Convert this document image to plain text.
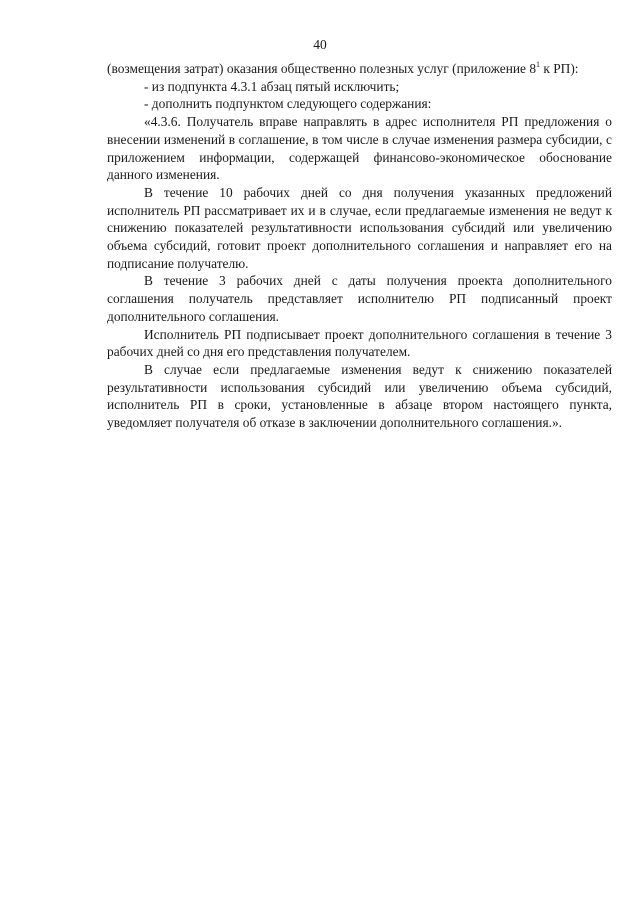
40

(возмещения затрат) оказания общественно полезных услуг (приложение $8^1$ к РП):

- из подпункта 4.3.1 абзац пятый исключить;

- дополнить подпунктом следующего содержания:

«4.3.6. Получатель вправе направлять в адрес исполнителя РП предложения о внесении изменений в соглашение, в том числе в случае изменения размера субсидии, с приложением информации, содержащей финансово-экономическое обоснование данного изменения.

В течение 10 рабочих дней со дня получения указанных предложений исполнитель РП рассматривает их и в случае, если предлагаемые изменения не ведут к снижению показателей результативности использования субсидий или увеличению объема субсидий, готовит проект дополнительного соглашения и направляет его на подписание получателю.

В течение 3 рабочих дней с даты получения проекта дополнительного соглашения получатель представляет исполнителю РП подписанный проект дополнительного соглашения.

Исполнитель РП подписывает проект дополнительного соглашения в течение 3 рабочих дней со дня его представления получателем.

В случае если предлагаемые изменения ведут к снижению показателей результативности использования субсидий или увеличению объема субсидий, исполнитель РП в сроки, установленные в абзаце втором настоящего пункта, уведомляет получателя об отказе в заключении дополнительного соглашения.».
